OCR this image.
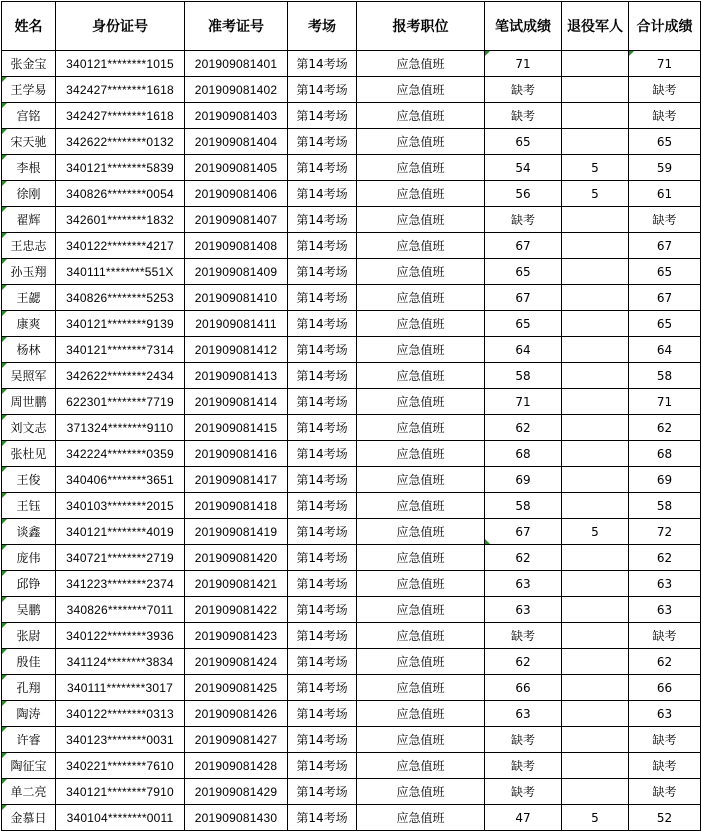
姓名	身份证号	准考证号	考场	报考职位	笔试成绩	退役军人	合计成绩
张金宝	340121********1015	201909081401	第14考场	应急值班	71		71

王学易	342427********1618	201909081402	第14考场	应急值班	缺考		缺考
宫铭	342427********1618	201909081403	第14考场	应急值班	缺考		缺考
宋天驰	342622********0132	201909081404	第14考场	应急值班	65		65
李根	340121********5839	201909081405	第14考场	应急值班	54	5	59
徐刚	340826********0054	201909081406	第14考场	应急值班	56	5	61
翟辉	342601********1832	201909081407	第14考场	应急值班	缺考		缺考
王忠志	340122********4217	201909081408	第14考场	应急值班	67		67
孙玉翔	340111********551X	201909081409	第14考场	应急值班	65		65
王勰	340826********5253	201909081410	第14考场	应急值班	67		67
康爽	340121********9139	201909081411	第14考场	应急值班	65		65
杨林	340121********7314	201909081412	第14考场	应急值班	64		64
吴照军	342622********2434	201909081413	第14考场	应急值班	58		58
周世鹏	622301********7719	201909081414	第14考场	应急值班	71		71
刘文志	371324********9110	201909081415	第14考场	应急值班	62		62
张杜见	342224********0359	201909081416	第14考场	应急值班	68		68
王俊	340406********3651	201909081417	第14考场	应急值班	69		69
王钰	340103********2015	201909081418	第14考场	应急值班	58		58
谈鑫	340121********4019	201909081419	第14考场	应急值班	67	5	72
庞伟	340721********2719	201909081420	第14考场	应急值班	62		62
邱铮	341223********2374	201909081421	第14考场	应急值班	63		63
吴鹏	340826********7011	201909081422	第14考场	应急值班	63		63
张尉	340122********3936	201909081423	第14考场	应急值班	缺考		缺考
殷佳	341124********3834	201909081424	第14考场	应急值班	62		62
孔翔	340111********3017	201909081425	第14考场	应急值班	66		66
陶涛	340122********0313	201909081426	第14考场	应急值班	63		63
许睿	340123********0031	201909081427	第14考场	应急值班	缺考		缺考
陶征宝	340221********7610	201909081428	第14考场	应急值班	缺考		缺考
单二亮	340121********7910	201909081429	第14考场	应急值班	缺考		缺考
金慕日	340104********0011	201909081430	第14考场	应急值班	47	5	52
